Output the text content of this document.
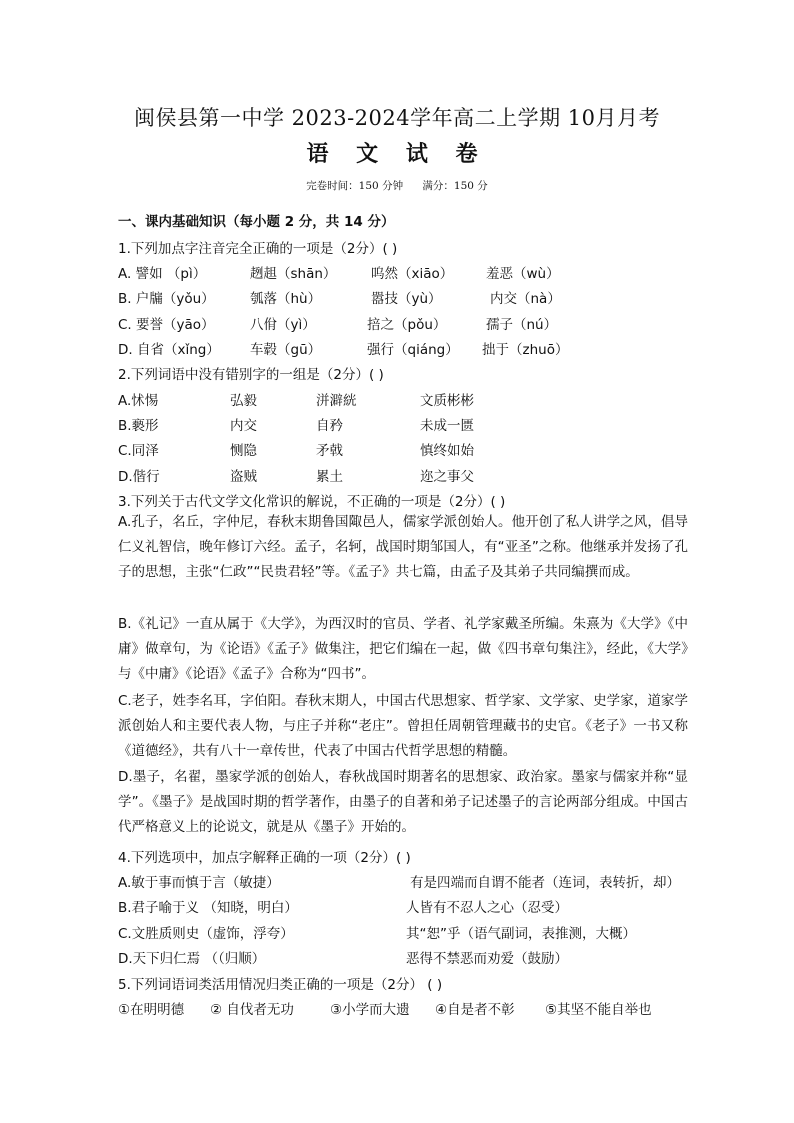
闽侯县第一中学 2023-2024学年高二上学期 10月月考
语 文 试 卷
完卷时间：150 分钟 满分：150 分
一、课内基础知识（每小题 2 分，共 14 分）
1.下列加点字注音完全正确的一项是（2分）( )
A. 譬如 （pì）	趔趄（shān）	呜然（xiāo） 羞恶（wù）
B. 户牖（yǒu）	瓠落（hù）	嚣技（yù）	内交（nà）
C. 要誉（yāo）	八佾（yì）	掊之（pǒu）	孺子（nú）
D. 自省（xǐng） 车毂（gū）	强行（qiáng） 拙于（zhuō）
2.下列词语中没有错别字的一组是（2分）( )
A.怵惕	弘毅	洴澼絖	文质彬彬
B.褻形	内交	自矜	未成一匮
C.同泽	恻隐	矛戟	慎终如始
D.偕行	盗贼	累土	迩之事父
3.下列关于古代文学文化常识的解说，不正确的一项是（2分）( )
A.孔子，名丘，字仲尼，春秋末期鲁国陬邑人，儒家学派创始人。他开创了私人讲学之风，倡导仁义礼智信，晚年修订六经。孟子，名轲，战国时期邹国人，有“亚圣”之称。他继承并发扬了孔子的思想，主张“仁政”“民贵君轻”等。《孟子》共七篇，由孟子及其弟子共同编撰而成。
B.《礼记》一直从属于《大学》，为西汉时的官员、学者、礼学家戴圣所编。朱熹为《大学》《中庸》做章句，为《论语》《孟子》做集注，把它们编在一起，做《四书章句集注》，经此，《大学》与《中庸》《论语》《孟子》合称为“四书”。
C.老子，姓李名耳，字伯阳。春秋末期人，中国古代思想家、哲学家、文学家、史学家，道家学派创始人和主要代表人物，与庄子并称“老庄”。曾担任周朝管理藏书的史官。《老子》一书又称《道德经》，共有八十一章传世，代表了中国古代哲学思想的精髓。
D.墨子，名翟，墨家学派的创始人，春秋战国时期著名的思想家、政治家。墨家与儒家并称“显学”。《墨子》是战国时期的哲学著作，由墨子的自著和弟子记述墨子的言论两部分组成。中国古代严格意义上的论说文，就是从《墨子》开始的。
4.下列选项中，加点字解释正确的一项（2分）( )
A.敏于事而慎于言（敏捷）	有是四端而自谓不能者（连词，表转折，却）
B.君子喻于义 （知晓，明白）	人皆有不忍人之心（忍受）
C.文胜质则史（虚饰，浮夸）	其“恕”乎（语气副词，表推测，大概）
D.天下归仁焉 （（归顺）	恶得不禁恶而劝爱（鼓励）
5.下列词语词类活用情况归类正确的一项是（2分） ( )
①在明明德 ② 自伐者无功	③小学而大遗 ④自是者不彰 ⑤其坚不能自举也
